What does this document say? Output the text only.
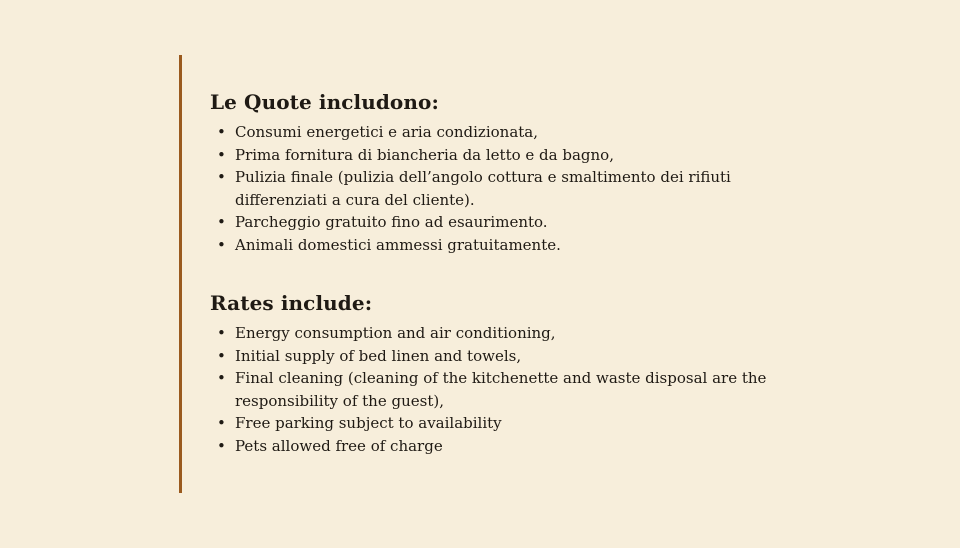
Le Quote includono:
• Consumi energetici e aria condizionata,
• Prima fornitura di biancheria da letto e da bagno,
• Pulizia finale (pulizia dell’angolo cottura e smaltimento dei rifiuti differenziati a cura del cliente).
• Parcheggio gratuito fino ad esaurimento.
• Animali domestici ammessi gratuitamente.
Rates include:
• Energy consumption and air conditioning,
• Initial supply of bed linen and towels,
• Final cleaning (cleaning of the kitchenette and waste disposal are the responsibility of the guest),
• Free parking subject to availability
• Pets allowed free of charge
